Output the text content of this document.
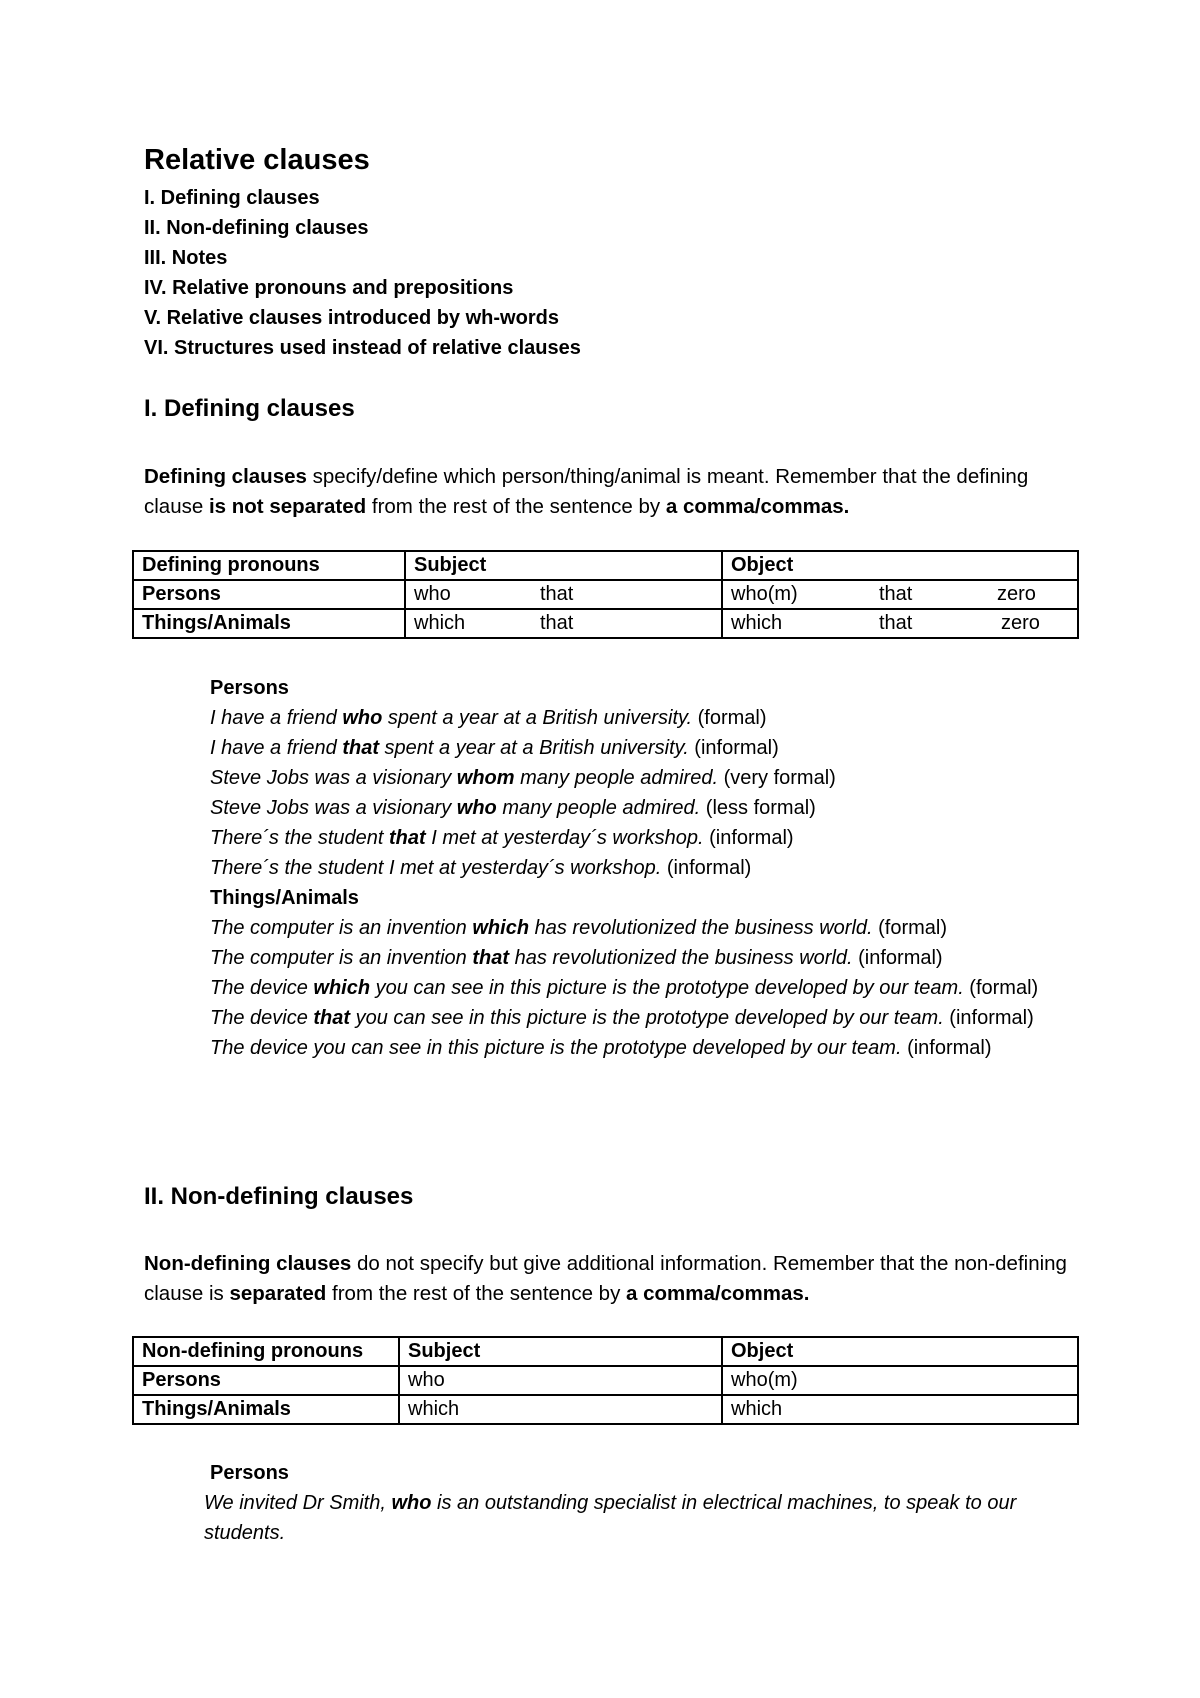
Relative clauses
I. Defining clauses
II. Non-defining clauses
III. Notes
IV. Relative pronouns and prepositions
V. Relative clauses introduced by wh-words
VI. Structures used instead of relative clauses
I. Defining clauses

Defining clauses specify/define which person/thing/animal is meant. Remember that the defining clause is not separated from the rest of the sentence by a comma/commas.

Defining pronouns	Subject	Object
Persons	who that	who(m) that zero

Things/Animals	which that	which that zero
Persons
I have a friend who spent a year at a British university. (formal)
I have a friend that spent a year at a British university. (informal)
Steve Jobs was a visionary whom many people admired. (very formal)
Steve Jobs was a visionary who many people admired. (less formal)
There´s the student that I met at yesterday´s workshop. (informal)
There´s the student I met at yesterday´s workshop. (informal)
Things/Animals
The computer is an invention which has revolutionized the business world. (formal)
The computer is an invention that has revolutionized the business world. (informal)
The device which you can see in this picture is the prototype developed by our team. (formal)
The device that you can see in this picture is the prototype developed by our team. (informal)
The device you can see in this picture is the prototype developed by our team. (informal)
II. Non-defining clauses

Non-defining clauses do not specify but give additional information. Remember that the non-defining clause is separated from the rest of the sentence by a comma/commas.

Non-defining pronouns	Subject	Object
Persons	who	who(m)
Things/Animals	which	which
Persons
We invited Dr Smith, who is an outstanding specialist in electrical machines, to speak to our students.
